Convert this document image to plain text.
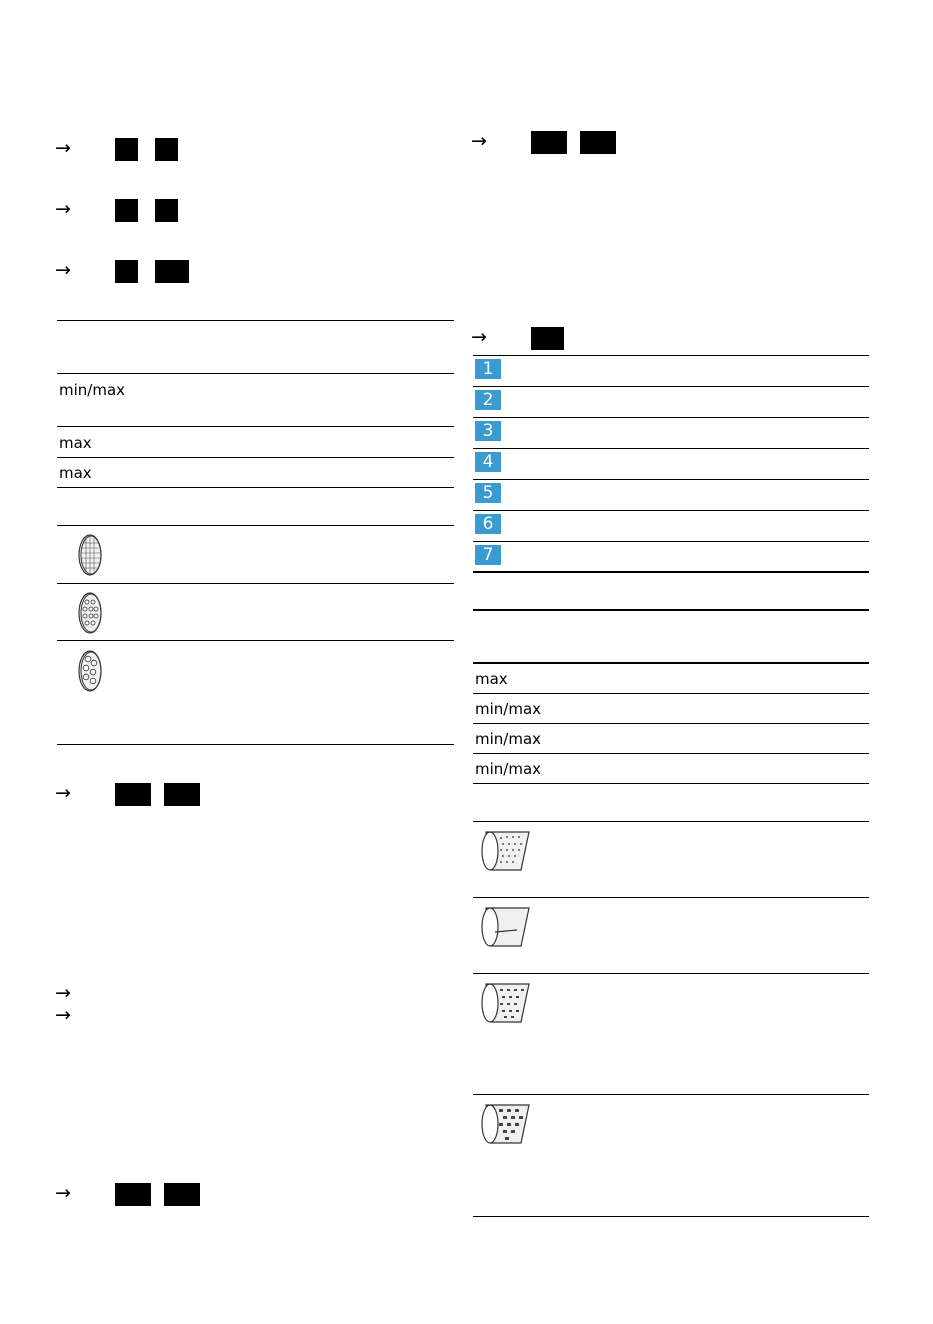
→
→
→
min/max
max
max
→
→
→
→
→
→
1
2
3
4
5
6
7
max
min/max
min/max
min/max
